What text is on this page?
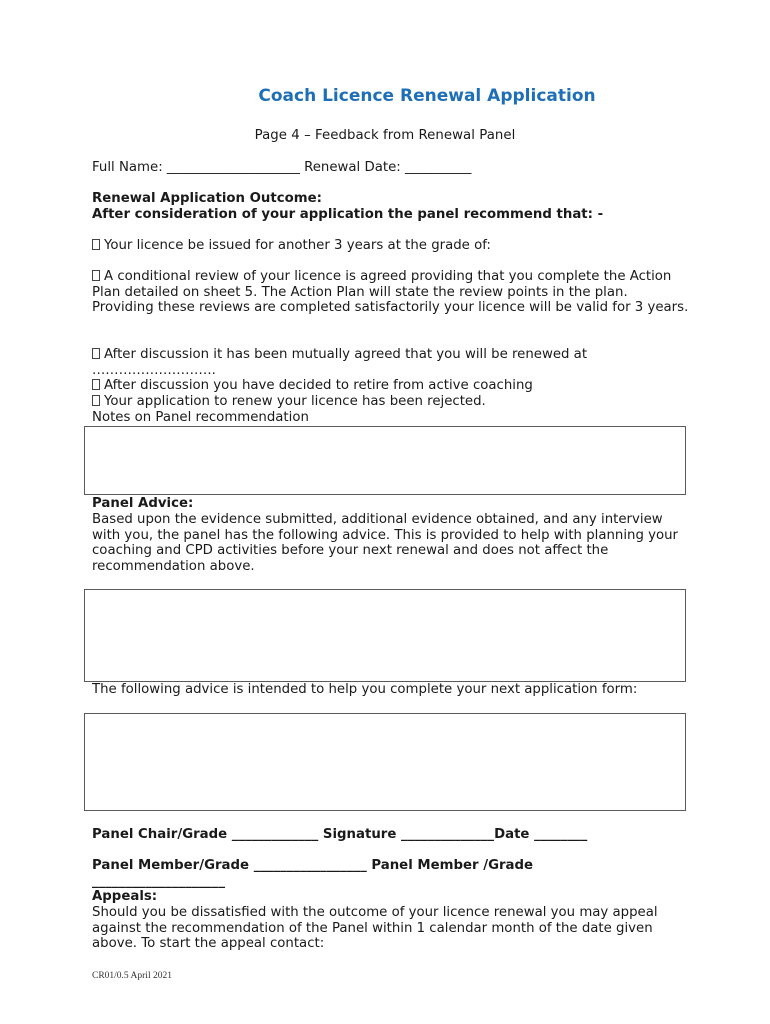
Coach Licence Renewal Application
Page 4 – Feedback from Renewal Panel
Full Name: ____________________ Renewal Date: __________
Renewal Application Outcome:
After consideration of your application the panel recommend that: -
Your licence be issued for another 3 years at the grade of:
A conditional review of your licence is agreed providing that you complete the Action Plan detailed on sheet 5. The Action Plan will state the review points in the plan. Providing these reviews are completed satisfactorily your licence will be valid for 3 years.
After discussion it has been mutually agreed that you will be renewed at
……………………….
After discussion you have decided to retire from active coaching
Your application to renew your licence has been rejected.
Notes on Panel recommendation
Panel Advice:
Based upon the evidence submitted, additional evidence obtained, and any interview with you, the panel has the following advice. This is provided to help with planning your coaching and CPD activities before your next renewal and does not affect the recommendation above.
The following advice is intended to help you complete your next application form:
Panel Chair/Grade _____________ Signature ______________Date ________
Panel Member/Grade _________________ Panel Member /Grade
____________________
Appeals:
Should you be dissatisfied with the outcome of your licence renewal you may appeal against the recommendation of the Panel within 1 calendar month of the date given above. To start the appeal contact:
CR01/0.5 April 2021
